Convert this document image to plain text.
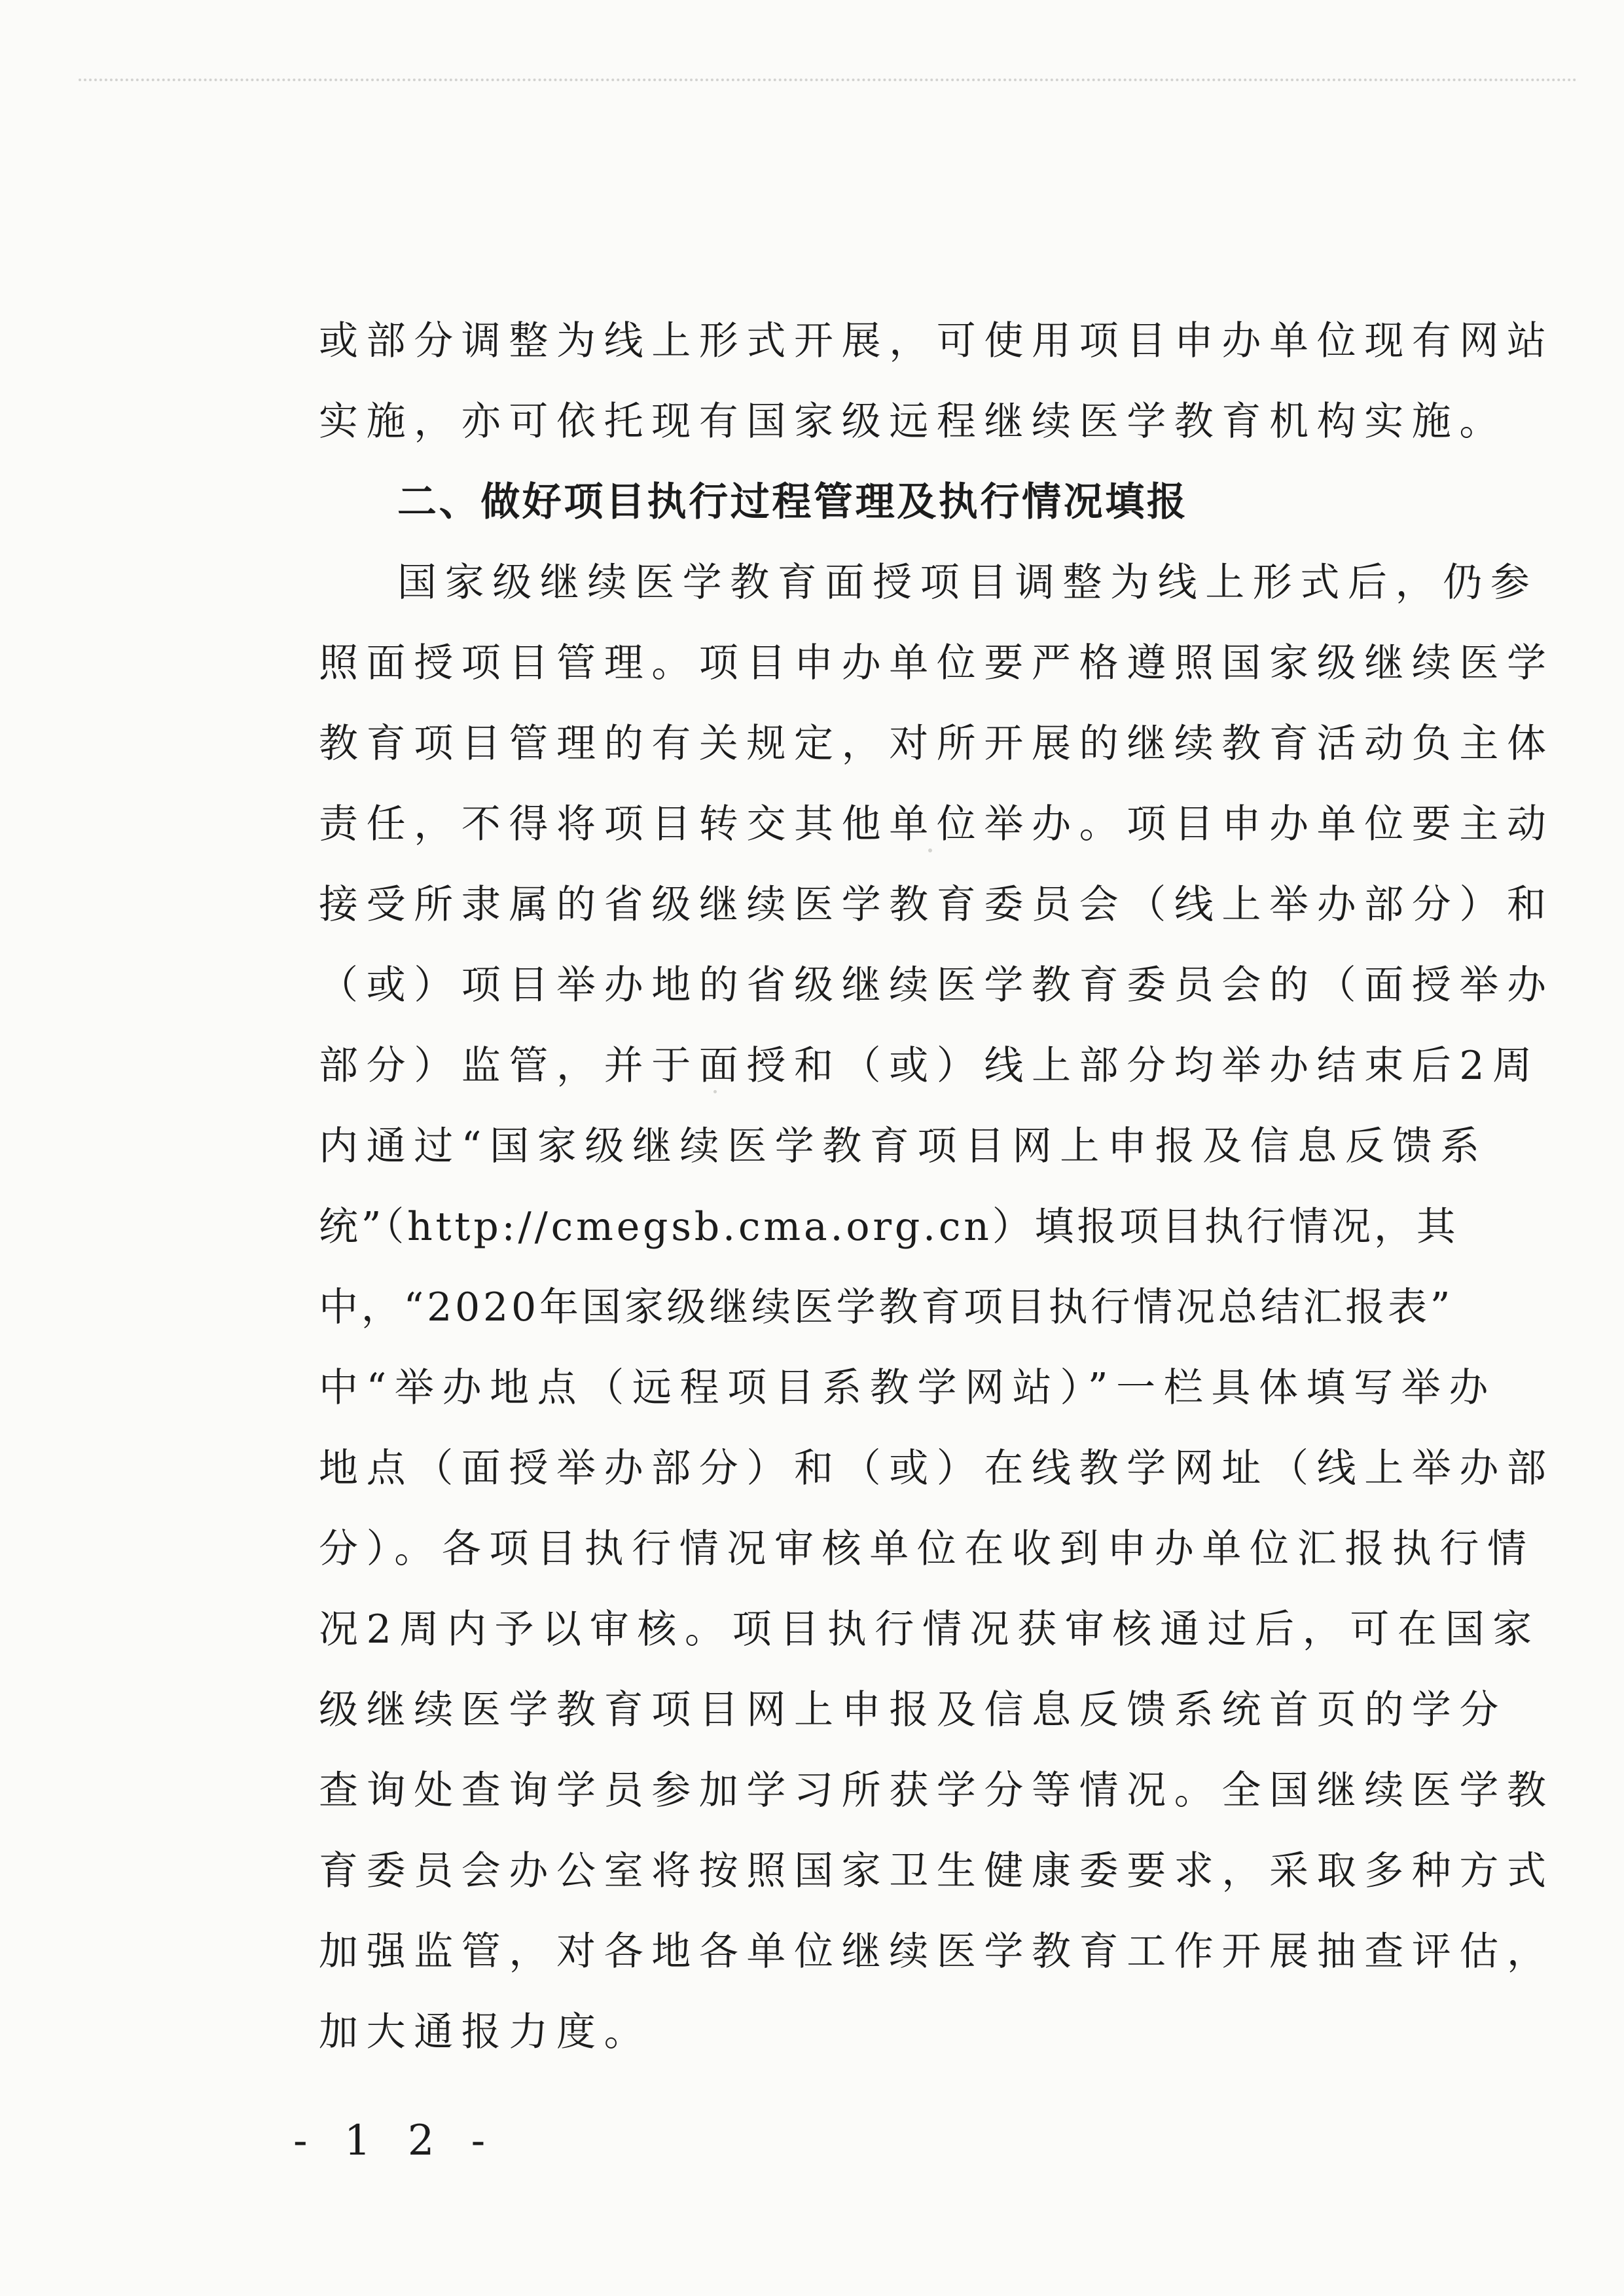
或部分调整为线上形式开展，可使用项目申办单位现有网站
实施，亦可依托现有国家级远程继续医学教育机构实施。
二、做好项目执行过程管理及执行情况填报
国家级继续医学教育面授项目调整为线上形式后，仍参
照面授项目管理。项目申办单位要严格遵照国家级继续医学
教育项目管理的有关规定，对所开展的继续教育活动负主体
责任，不得将项目转交其他单位举办。项目申办单位要主动
接受所隶属的省级继续医学教育委员会（线上举办部分）和
（或）项目举办地的省级继续医学教育委员会的（面授举办
部分）监管，并于面授和（或）线上部分均举办结束后2周
内通过“国家级继续医学教育项目网上申报及信息反馈系
统”（http://cmegsb.cma.org.cn）填报项目执行情况，其
中，“2020年国家级继续医学教育项目执行情况总结汇报表”
中“举办地点（远程项目系教学网站）”一栏具体填写举办
地点（面授举办部分）和（或）在线教学网址（线上举办部
分）。各项目执行情况审核单位在收到申办单位汇报执行情
况2周内予以审核。项目执行情况获审核通过后，可在国家
级继续医学教育项目网上申报及信息反馈系统首页的学分
查询处查询学员参加学习所获学分等情况。全国继续医学教
育委员会办公室将按照国家卫生健康委要求，采取多种方式
加强监管，对各地各单位继续医学教育工作开展抽查评估，
加大通报力度。
- 1 2 -
